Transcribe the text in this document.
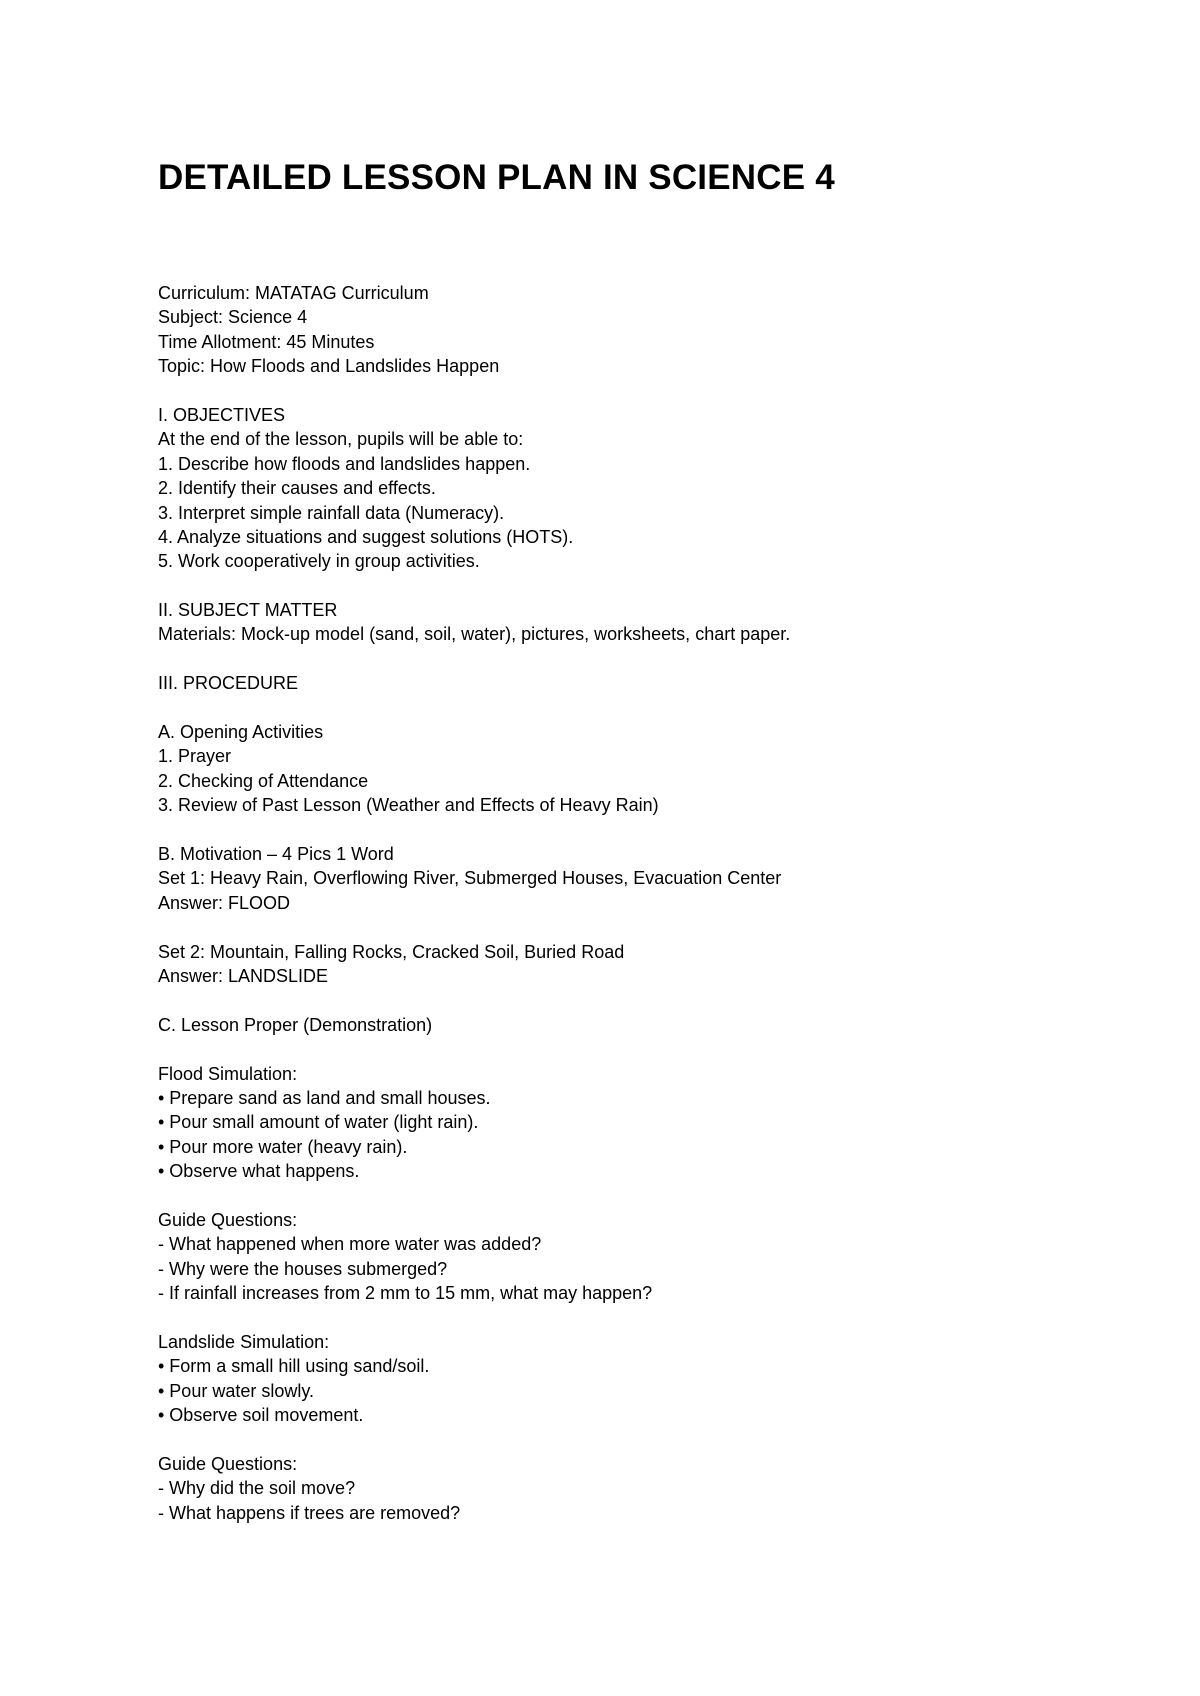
DETAILED LESSON PLAN IN SCIENCE 4
Curriculum: MATATAG Curriculum
Subject: Science 4
Time Allotment: 45 Minutes
Topic: How Floods and Landslides Happen
I. OBJECTIVES
At the end of the lesson, pupils will be able to:
1. Describe how floods and landslides happen.
2. Identify their causes and effects.
3. Interpret simple rainfall data (Numeracy).
4. Analyze situations and suggest solutions (HOTS).
5. Work cooperatively in group activities.
II. SUBJECT MATTER
Materials: Mock-up model (sand, soil, water), pictures, worksheets, chart paper.
III. PROCEDURE
A. Opening Activities
1. Prayer
2. Checking of Attendance
3. Review of Past Lesson (Weather and Effects of Heavy Rain)
B. Motivation – 4 Pics 1 Word
Set 1: Heavy Rain, Overflowing River, Submerged Houses, Evacuation Center
Answer: FLOOD
Set 2: Mountain, Falling Rocks, Cracked Soil, Buried Road
Answer: LANDSLIDE
C. Lesson Proper (Demonstration)
Flood Simulation:
• Prepare sand as land and small houses.
• Pour small amount of water (light rain).
• Pour more water (heavy rain).
• Observe what happens.
Guide Questions:
- What happened when more water was added?
- Why were the houses submerged?
- If rainfall increases from 2 mm to 15 mm, what may happen?
Landslide Simulation:
• Form a small hill using sand/soil.
• Pour water slowly.
• Observe soil movement.
Guide Questions:
- Why did the soil move?
- What happens if trees are removed?
